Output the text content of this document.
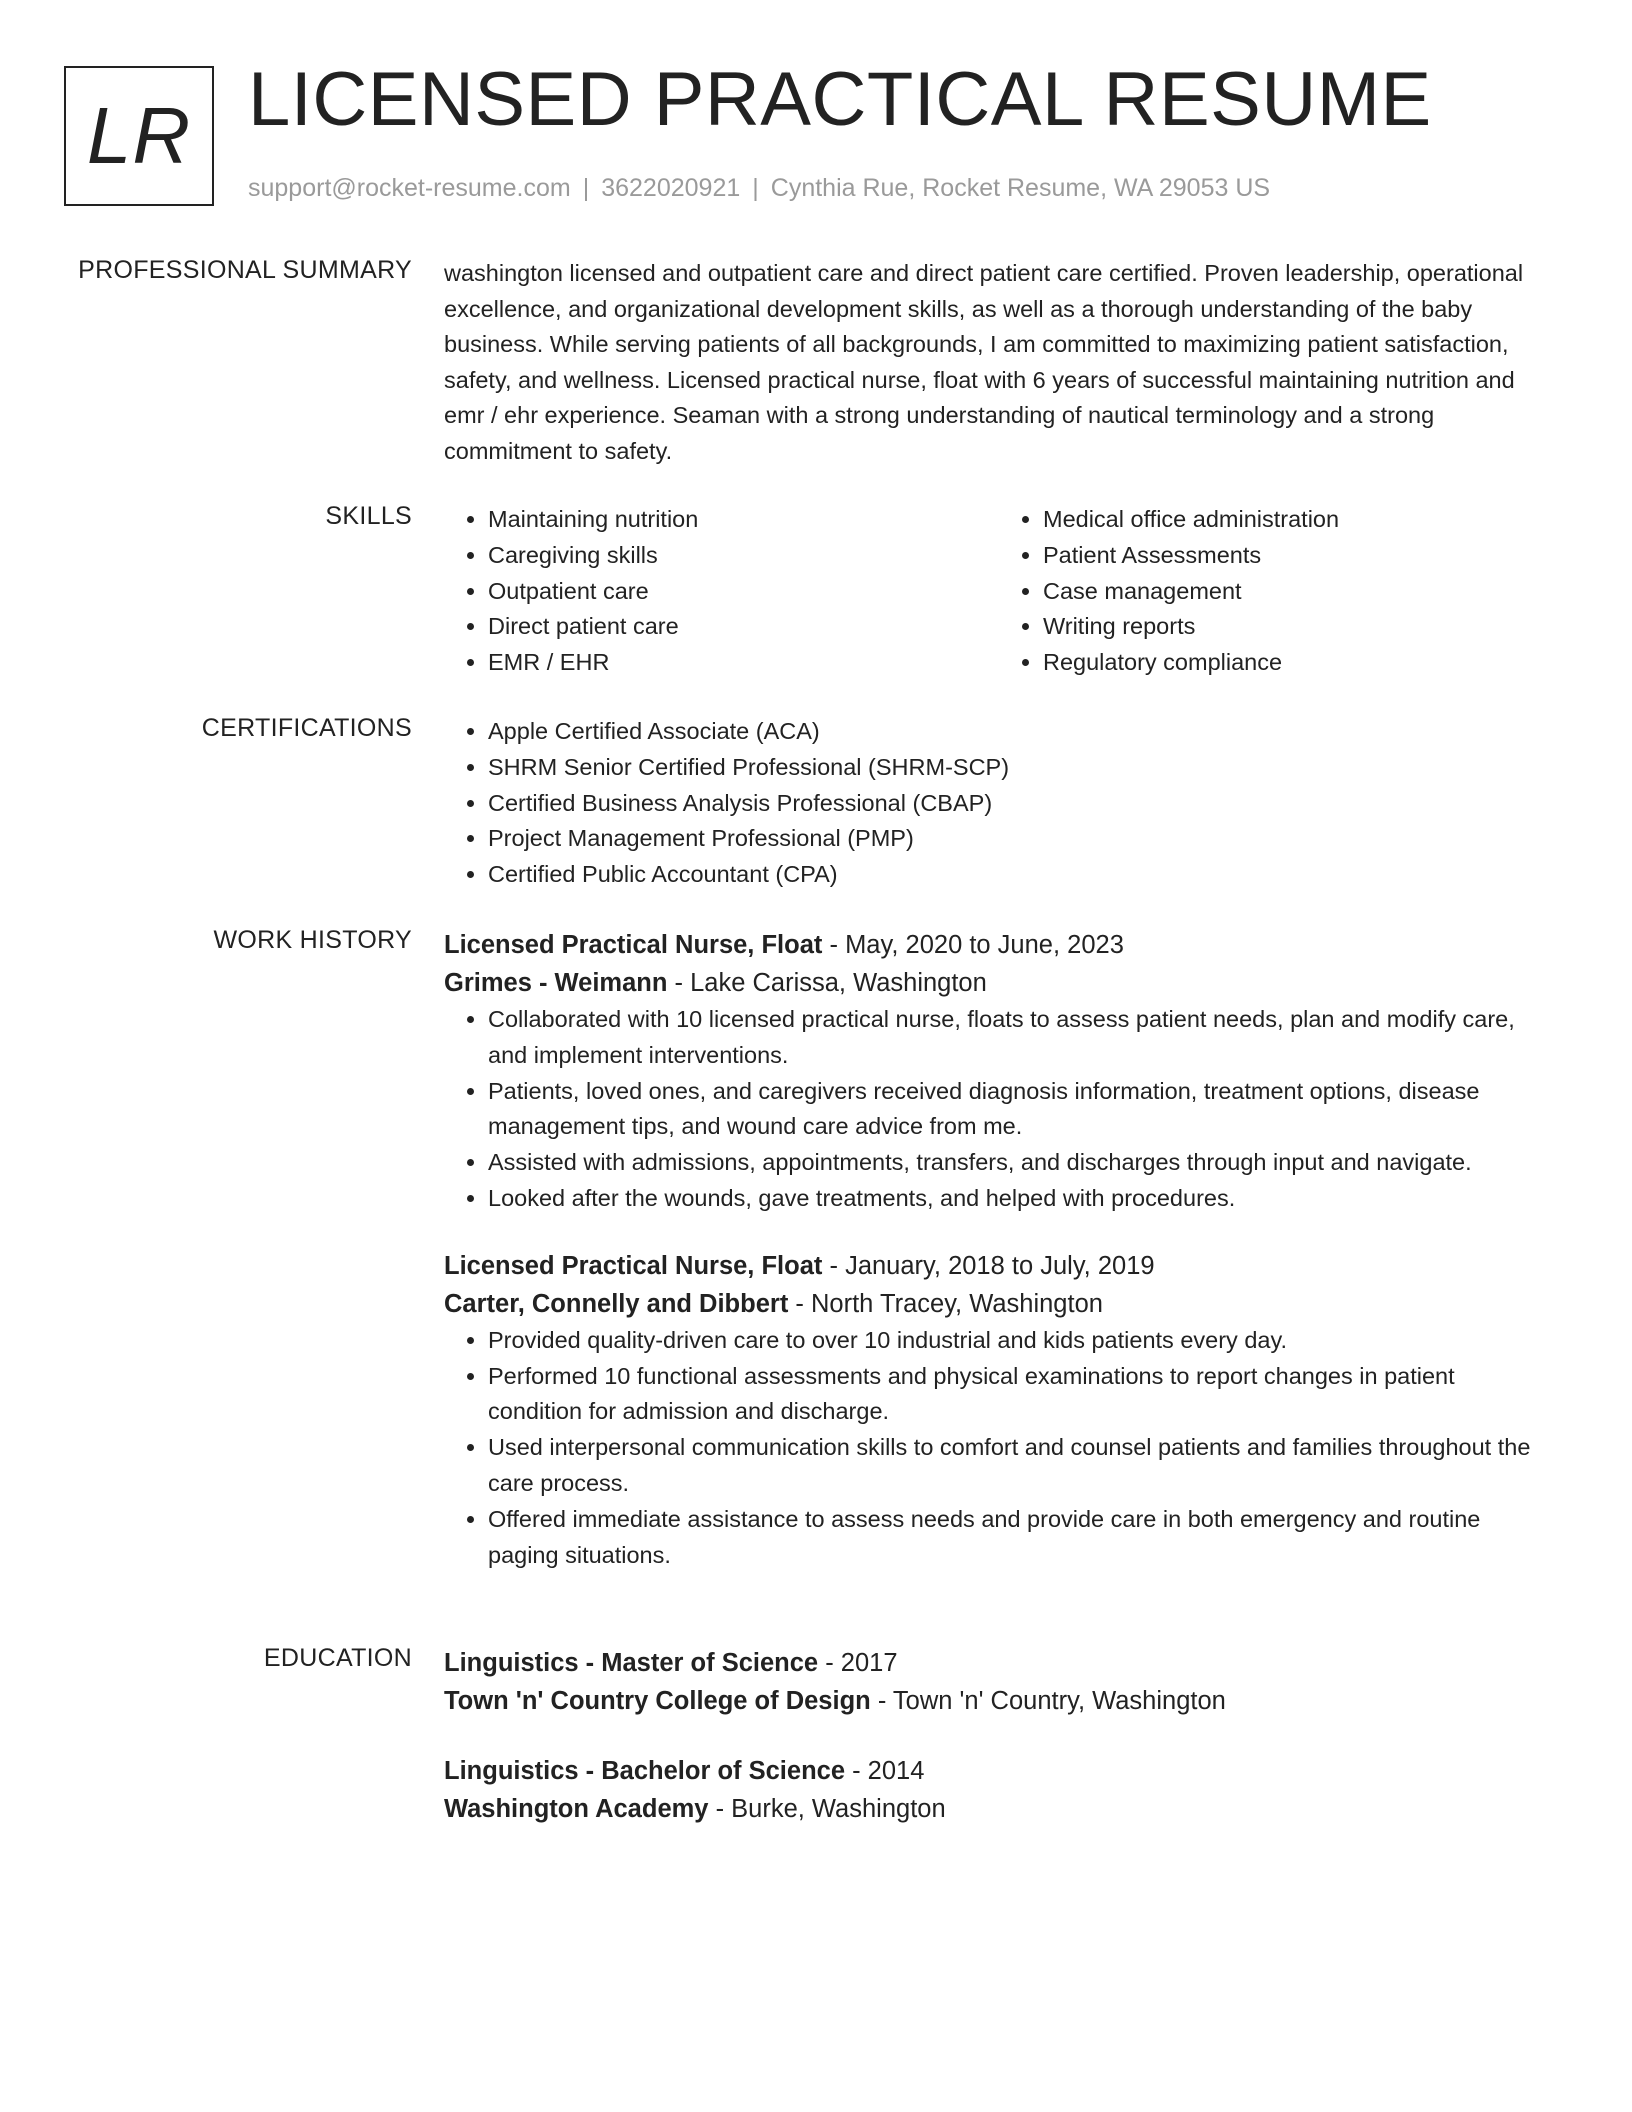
LR LICENSED PRACTICAL RESUME
support@rocket-resume.com | 3622020921 | Cynthia Rue, Rocket Resume, WA 29053 US
PROFESSIONAL SUMMARY washington licensed and outpatient care and direct patient care certified. Proven leadership, operational excellence, and organizational development skills, as well as a thorough understanding of the baby business. While serving patients of all backgrounds, I am committed to maximizing patient satisfaction, safety, and wellness. Licensed practical nurse, float with 6 years of successful maintaining nutrition and emr / ehr experience. Seaman with a strong understanding of nautical terminology and a strong commitment to safety.
SKILLS	• Maintaining nutrition
• Caregiving skills
• Outpatient care
• Direct patient care
• EMR / EHR
• Medical office administration
• Patient Assessments
• Case management
• Writing reports
• Regulatory compliance
CERTIFICATIONS	• Apple Certified Associate (ACA)
• SHRM Senior Certified Professional (SHRM-SCP)
• Certified Business Analysis Professional (CBAP)
• Project Management Professional (PMP)
• Certified Public Accountant (CPA)
WORK HISTORY Licensed Practical Nurse, Float - May, 2020 to June, 2023
Grimes - Weimann - Lake Carissa, Washington
• Collaborated with 10 licensed practical nurse, floats to assess patient needs, plan and modify care, and implement interventions.
• Patients, loved ones, and caregivers received diagnosis information, treatment options, disease management tips, and wound care advice from me.
• Assisted with admissions, appointments, transfers, and discharges through input and navigate.
• Looked after the wounds, gave treatments, and helped with procedures.
Licensed Practical Nurse, Float - January, 2018 to July, 2019
Carter, Connelly and Dibbert - North Tracey, Washington
• Provided quality-driven care to over 10 industrial and kids patients every day.
• Performed 10 functional assessments and physical examinations to report changes in patient condition for admission and discharge.
• Used interpersonal communication skills to comfort and counsel patients and families throughout the care process.
• Offered immediate assistance to assess needs and provide care in both emergency and routine paging situations.
EDUCATION Linguistics - Master of Science - 2017
Town 'n' Country College of Design - Town 'n' Country, Washington
Linguistics - Bachelor of Science - 2014
Washington Academy - Burke, Washington
